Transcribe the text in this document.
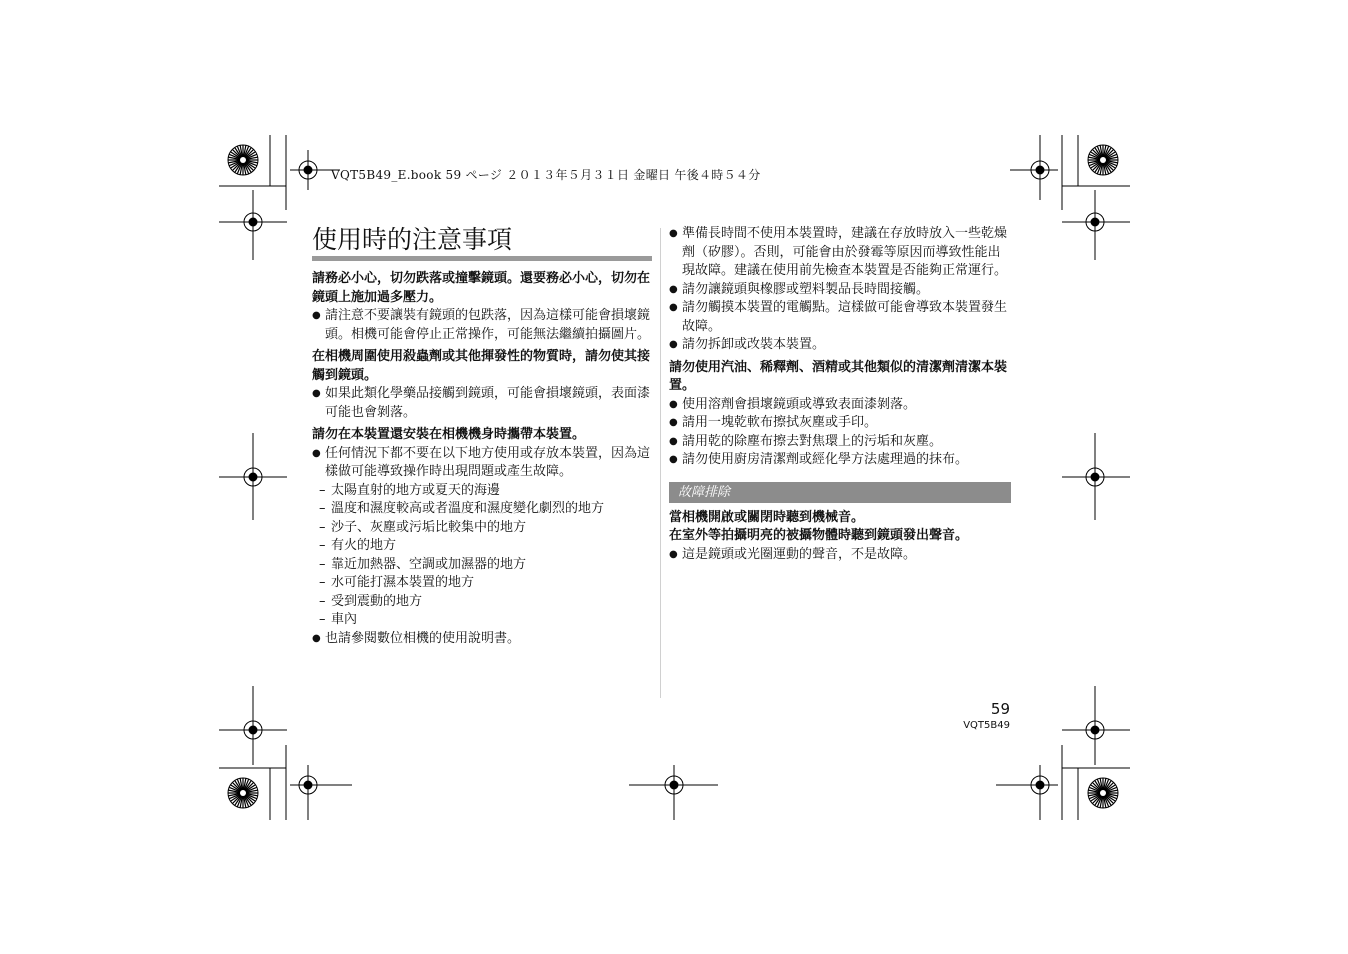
VQT5B49_E.book 59 ページ ２０１３年５月３１日 金曜日 午後４時５４分
使用時的注意事項

請務必小心，切勿跌落或撞擊鏡頭。還要務必小心，切勿在鏡頭上施加過多壓力。

● 請注意不要讓裝有鏡頭的包跌落，因為這樣可能會損壞鏡頭。相機可能會停止正常操作，可能無法繼續拍攝圖片。

在相機周圍使用殺蟲劑或其他揮發性的物質時，請勿使其接觸到鏡頭。

● 如果此類化學藥品接觸到鏡頭，可能會損壞鏡頭，表面漆可能也會剝落。

請勿在本裝置還安裝在相機機身時攜帶本裝置。

● 任何情況下都不要在以下地方使用或存放本裝置，因為這樣做可能導致操作時出現問題或產生故障。

– 太陽直射的地方或夏天的海邊

– 溫度和濕度較高或者溫度和濕度變化劇烈的地方

– 沙子、灰塵或污垢比較集中的地方

– 有火的地方

– 靠近加熱器、空調或加濕器的地方

– 水可能打濕本裝置的地方

– 受到震動的地方

– 車內

● 也請參閱數位相機的使用說明書。

● 準備長時間不使用本裝置時，建議在存放時放入一些乾燥劑（矽膠）。否則，可能會由於發霉等原因而導致性能出現故障。建議在使用前先檢查本裝置是否能夠正常運行。

● 請勿讓鏡頭與橡膠或塑料製品長時間接觸。

● 請勿觸摸本裝置的電觸點。這樣做可能會導致本裝置發生故障。

● 請勿拆卸或改裝本裝置。

請勿使用汽油、稀釋劑、酒精或其他類似的清潔劑清潔本裝置。

● 使用溶劑會損壞鏡頭或導致表面漆剝落。

● 請用一塊乾軟布擦拭灰塵或手印。

● 請用乾的除塵布擦去對焦環上的污垢和灰塵。

● 請勿使用廚房清潔劑或經化學方法處理過的抹布。

故障排除

當相機開啟或關閉時聽到機械音。

在室外等拍攝明亮的被攝物體時聽到鏡頭發出聲音。

● 這是鏡頭或光圈運動的聲音，不是故障。

59
VQT5B49
